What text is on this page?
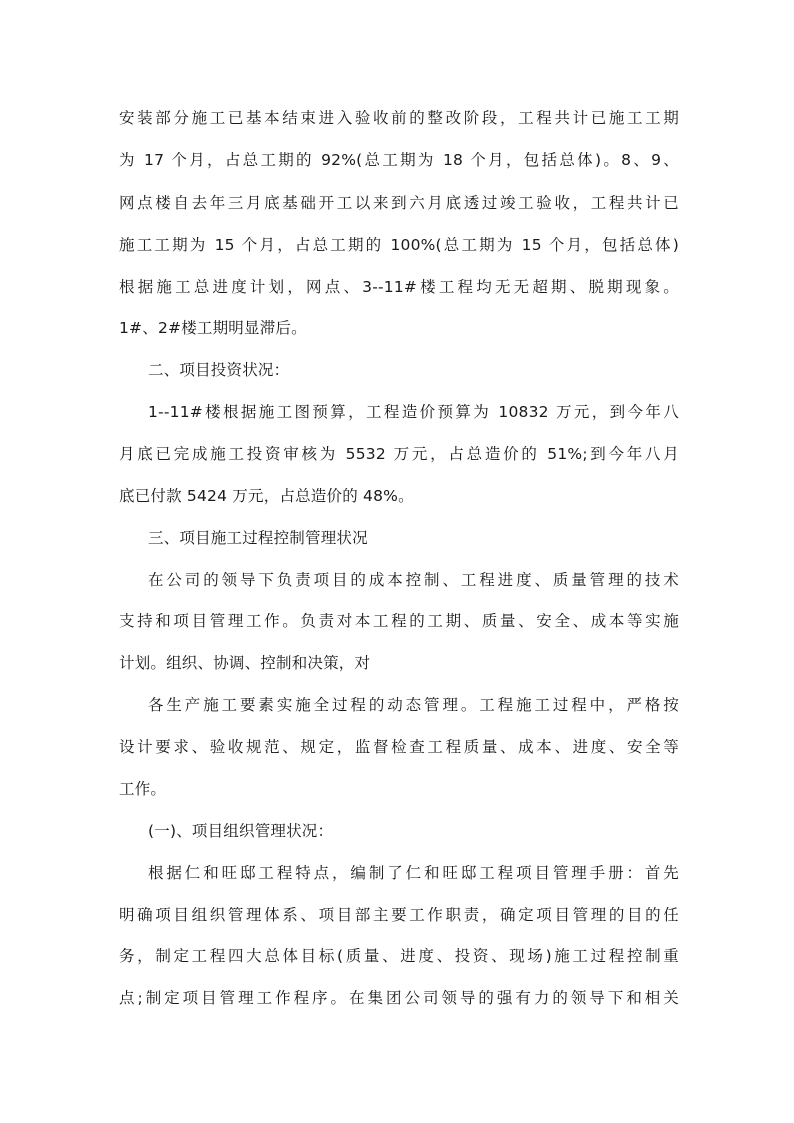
安装部分施工已基本结束进入验收前的整改阶段，工程共计已施工工期
为 17 个月，占总工期的 92%(总工期为 18 个月，包括总体)。8、9、
网点楼自去年三月底基础开工以来到六月底透过竣工验收，工程共计已
施工工期为 15 个月，占总工期的 100%(总工期为 15 个月，包括总体)
根据施工总进度计划，网点、3--11#楼工程均无无超期、脱期现象。
1#、2#楼工期明显滞后。
二、项目投资状况：
1--11#楼根据施工图预算，工程造价预算为 10832 万元，到今年八
月底已完成施工投资审核为 5532 万元，占总造价的 51%;到今年八月
底已付款 5424 万元，占总造价的 48%。
三、项目施工过程控制管理状况
在公司的领导下负责项目的成本控制、工程进度、质量管理的技术
支持和项目管理工作。负责对本工程的工期、质量、安全、成本等实施
计划。组织、协调、控制和决策，对
各生产施工要素实施全过程的动态管理。工程施工过程中，严格按
设计要求、验收规范、规定，监督检查工程质量、成本、进度、安全等
工作。
(一)、项目组织管理状况：
根据仁和旺邸工程特点，编制了仁和旺邸工程项目管理手册：首先
明确项目组织管理体系、项目部主要工作职责，确定项目管理的目的任
务，制定工程四大总体目标(质量、进度、投资、现场)施工过程控制重
点;制定项目管理工作程序。在集团公司领导的强有力的领导下和相关
